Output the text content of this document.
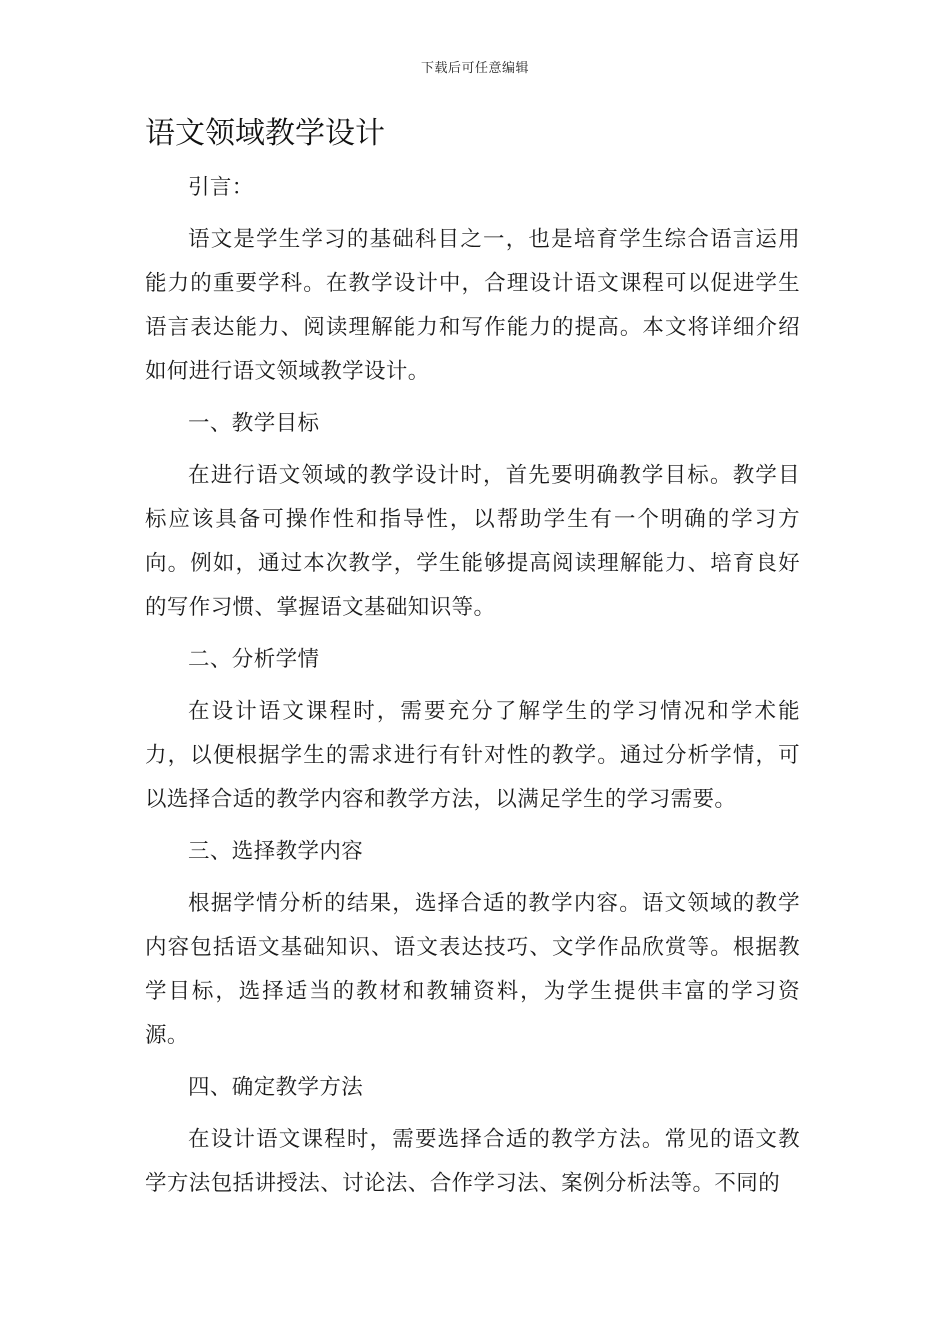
下载后可任意编辑
语文领域教学设计

引言：

语文是学生学习的基础科目之一，也是培育学生综合语言运用能力的重要学科。在教学设计中，合理设计语文课程可以促进学生语言表达能力、阅读理解能力和写作能力的提高。本文将详细介绍如何进行语文领域教学设计。

一、教学目标

在进行语文领域的教学设计时，首先要明确教学目标。教学目标应该具备可操作性和指导性，以帮助学生有一个明确的学习方向。例如，通过本次教学，学生能够提高阅读理解能力、培育良好的写作习惯、掌握语文基础知识等。

二、分析学情

在设计语文课程时，需要充分了解学生的学习情况和学术能力，以便根据学生的需求进行有针对性的教学。通过分析学情，可以选择合适的教学内容和教学方法，以满足学生的学习需要。

三、选择教学内容

根据学情分析的结果，选择合适的教学内容。语文领域的教学内容包括语文基础知识、语文表达技巧、文学作品欣赏等。根据教学目标，选择适当的教材和教辅资料，为学生提供丰富的学习资源。

四、确定教学方法

在设计语文课程时，需要选择合适的教学方法。常见的语文教学方法包括讲授法、讨论法、合作学习法、案例分析法等。不同的
